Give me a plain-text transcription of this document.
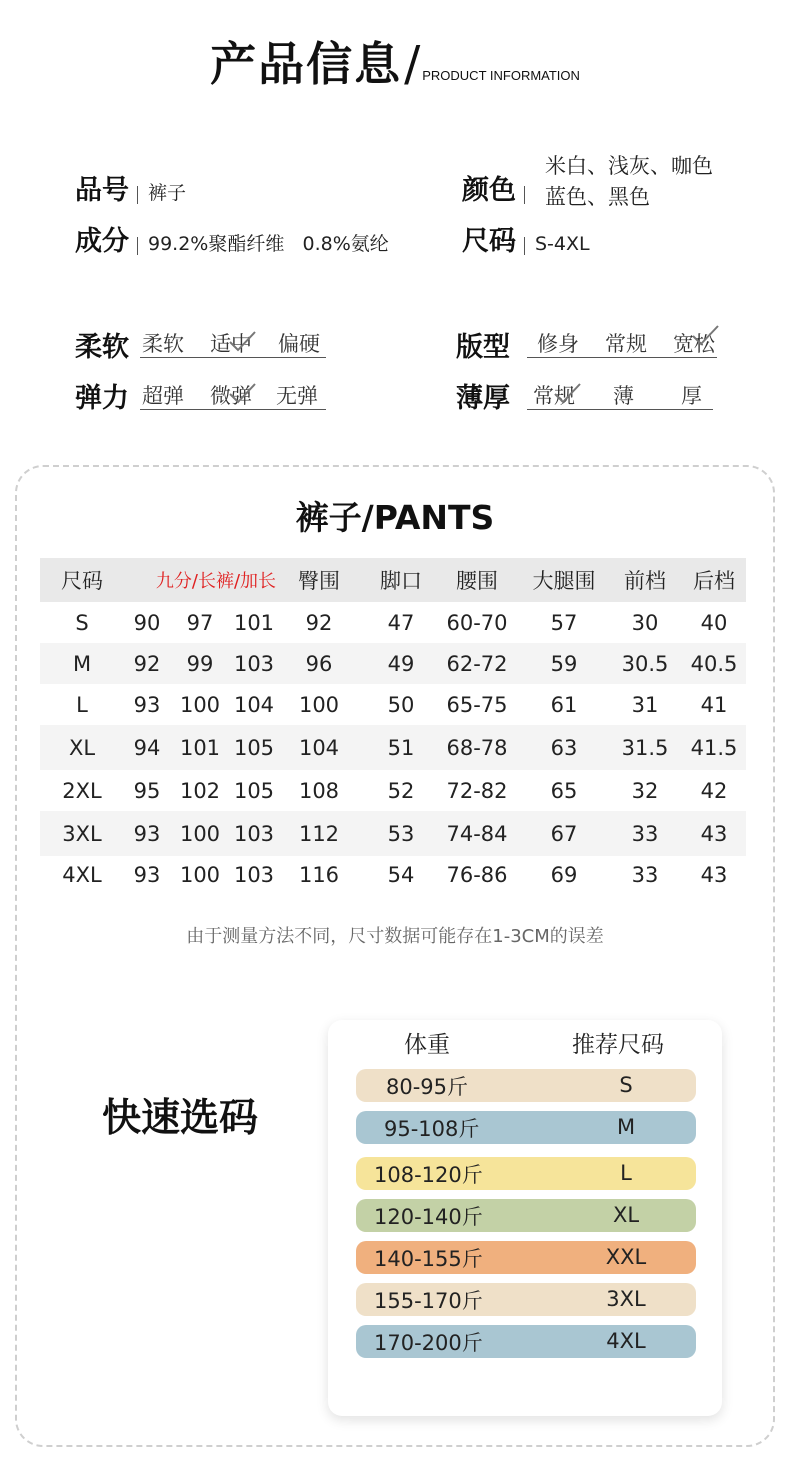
产品信息/ PRODUCT INFORMATION
品号 裤子
成分 99.2%聚酯纤维   0.8%氨纶
颜色
米白、浅灰、咖色
蓝色、黑色
尺码 S-4XL
柔软 柔软 适中 偏硬
弹力 超弹 微弹 无弹
版型 修身 常规 宽松
薄厚 常规 薄 厚
裤子/PANTS
尺码	九分/长裤/加长	臀围	脚口	腰围	大腿围	前档	后档
S	90	97 101	92	47	60-70	57	30	40
M	92	99 103	96	49	62-72	59	30.5	40.5
L	93 100 104	100	50	65-75	61	31	41
XL	94 101 105	104	51	68-78	63	31.5	41.5
2XL	95 102 105	108	52	72-82	65	32	42
3XL	93 100 103	112	53	74-84	67	33	43
4XL	93 100 103	116	54	76-86	69	33	43
由于测量方法不同，尺寸数据可能存在1-3CM的误差
快速选码
体重	推荐尺码
80-95斤	S
95-108斤	M
108-120斤	L
120-140斤	XL
140-155斤	XXL
155-170斤	3XL
170-200斤	4XL
